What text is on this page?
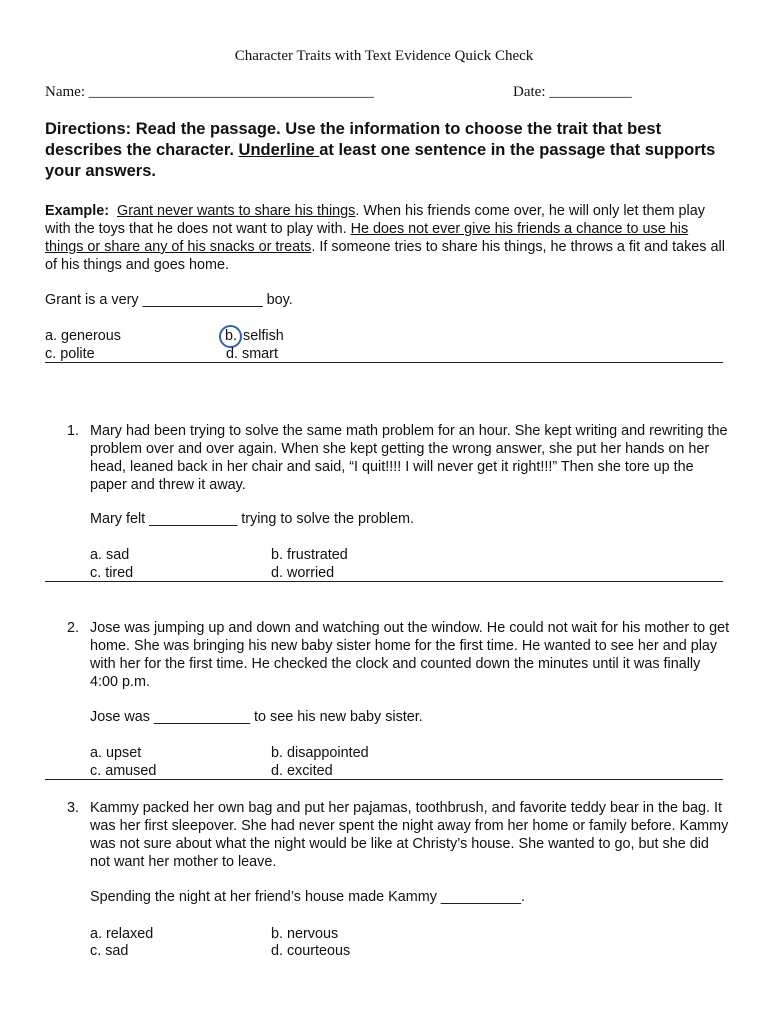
Character Traits with Text Evidence Quick Check
Name: ______________________________________	Date: ___________
Directions: Read the passage. Use the information to choose the trait that best describes the character. Underline at least one sentence in the passage that supports your answers.
Example: Grant never wants to share his things. When his friends come over, he will only let them play with the toys that he does not want to play with. He does not ever give his friends a chance to use his things or share any of his snacks or treats. If someone tries to share his things, he throws a fit and takes all of his things and goes home.
Grant is a very _______________ boy.
a. generous	b. selfish
c. polite	d. smart
1. Mary had been trying to solve the same math problem for an hour. She kept writing and rewriting the problem over and over again. When she kept getting the wrong answer, she put her hands on her head, leaned back in her chair and said, “I quit!!!! I will never get it right!!!” Then she tore up the paper and threw it away.
Mary felt ___________ trying to solve the problem.
a. sad	b. frustrated
c. tired	d. worried
2. Jose was jumping up and down and watching out the window. He could not wait for his mother to get home. She was bringing his new baby sister home for the first time. He wanted to see her and play with her for the first time. He checked the clock and counted down the minutes until it was finally 4:00 p.m.
Jose was ____________ to see his new baby sister.
a. upset	b. disappointed
c. amused	d. excited
3. Kammy packed her own bag and put her pajamas, toothbrush, and favorite teddy bear in the bag. It was her first sleepover. She had never spent the night away from her home or family before. Kammy was not sure about what the night would be like at Christy’s house. She wanted to go, but she did not want her mother to leave.
Spending the night at her friend’s house made Kammy __________.
a. relaxed	b. nervous
c. sad	d. courteous
